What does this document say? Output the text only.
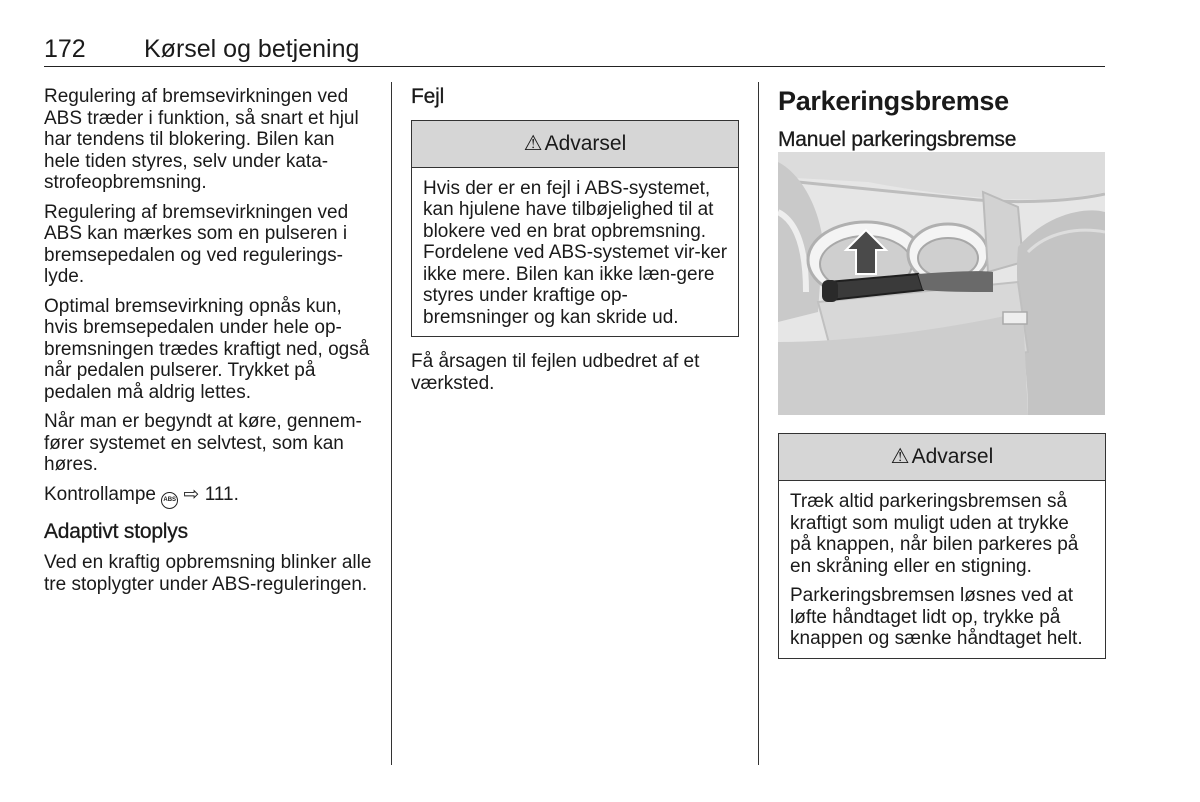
172 Kørsel og betjening

Regulering af bremsevirkningen ved ABS træder i funktion, så snart et hjul har tendens til blokering. Bilen kan hele tiden styres, selv under kata-strofeopbremsning.

Regulering af bremsevirkningen ved ABS kan mærkes som en pulseren i bremsepedalen og ved regulerings-lyde.

Optimal bremsevirkning opnås kun, hvis bremsepedalen under hele op-bremsningen trædes kraftigt ned, også når pedalen pulserer. Trykket på pedalen må aldrig lettes.

Når man er begyndt at køre, gennem-fører systemet en selvtest, som kan høres.

Kontrollampe ABS ⇨ 111.

Adaptivt stoplys

Ved en kraftig opbremsning blinker alle tre stoplygter under ABS-reguleringen.

Fejl
⚠ Advarsel

Hvis der er en fejl i ABS-systemet, kan hjulene have tilbøjelighed til at blokere ved en brat opbremsning. Fordelene ved ABS-systemet vir-ker ikke mere. Bilen kan ikke læn-gere styres under kraftige op-bremsninger og kan skride ud.

Få årsagen til fejlen udbedret af et værksted.

Parkeringsbremse
Manuel parkeringsbremse
⚠ Advarsel

Træk altid parkeringsbremsen så kraftigt som muligt uden at trykke på knappen, når bilen parkeres på en skråning eller en stigning.

Parkeringsbremsen løsnes ved at løfte håndtaget lidt op, trykke på knappen og sænke håndtaget helt.
